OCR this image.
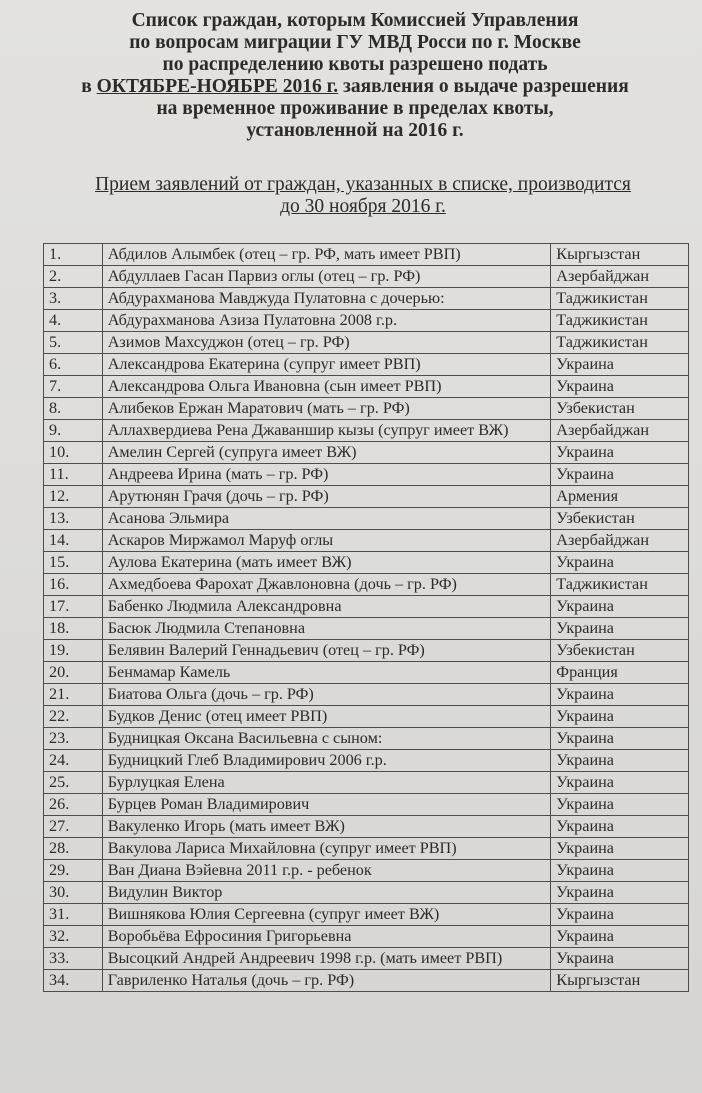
Список граждан, которым Комиссией Управления
по вопросам миграции ГУ МВД Росси по г. Москве
по распределению квоты разрешено подать
в ОКТЯБРЕ-НОЯБРЕ 2016 г. заявления о выдаче разрешения
на временное проживание в пределах квоты,
установленной на 2016 г.
Прием заявлений от граждан, указанных в списке, производится
до 30 ноября 2016 г.
1.	Абдилов Алымбек (отец – гр. РФ, мать имеет РВП)	Кыргызстан
2.	Абдуллаев Гасан Парвиз оглы (отец – гр. РФ)	Азербайджан
3.	Абдурахманова Мавджуда Пулатовна с дочерью:	Таджикистан
4.	Абдурахманова Азиза Пулатовна 2008 г.р.	Таджикистан
5.	Азимов Махсуджон (отец – гр. РФ)	Таджикистан
6.	Александрова Екатерина (супруг имеет РВП)	Украина
7.	Александрова Ольга Ивановна (сын имеет РВП)	Украина
8.	Алибеков Ержан Маратович (мать – гр. РФ)	Узбекистан
9.	Аллахвердиева Рена Джаваншир кызы (супруг имеет ВЖ)	Азербайджан
10.	Амелин Сергей (супруга имеет ВЖ)	Украина
11.	Андреева Ирина (мать – гр. РФ)	Украина
12.	Арутюнян Грачя (дочь – гр. РФ)	Армения
13.	Асанова Эльмира	Узбекистан
14.	Аскаров Миржамол Маруф оглы	Азербайджан
15.	Аулова Екатерина (мать имеет ВЖ)	Украина
16.	Ахмедбоева Фарохат Джавлоновна (дочь – гр. РФ)	Таджикистан
17.	Бабенко Людмила Александровна	Украина
18.	Басюк Людмила Степановна	Украина
19.	Белявин Валерий Геннадьевич (отец – гр. РФ)	Узбекистан
20.	Бенмамар Камель	Франция
21.	Биатова Ольга (дочь – гр. РФ)	Украина
22.	Будков Денис (отец имеет РВП)	Украина
23.	Будницкая Оксана Васильевна с сыном:	Украина
24.	Будницкий Глеб Владимирович 2006 г.р.	Украина
25.	Бурлуцкая Елена	Украина
26.	Бурцев Роман Владимирович	Украина
27.	Вакуленко Игорь (мать имеет ВЖ)	Украина
28.	Вакулова Лариса Михайловна (супруг имеет РВП)	Украина
29.	Ван Диана Вэйевна 2011 г.р. - ребенок	Украина
30.	Видулин Виктор	Украина
31.	Вишнякова Юлия Сергеевна (супруг имеет ВЖ)	Украина
32.	Воробьёва Ефросиния Григорьевна	Украина
33.	Высоцкий Андрей Андреевич 1998 г.р. (мать имеет РВП)	Украина
34.	Гавриленко Наталья (дочь – гр. РФ)	Кыргызстан
